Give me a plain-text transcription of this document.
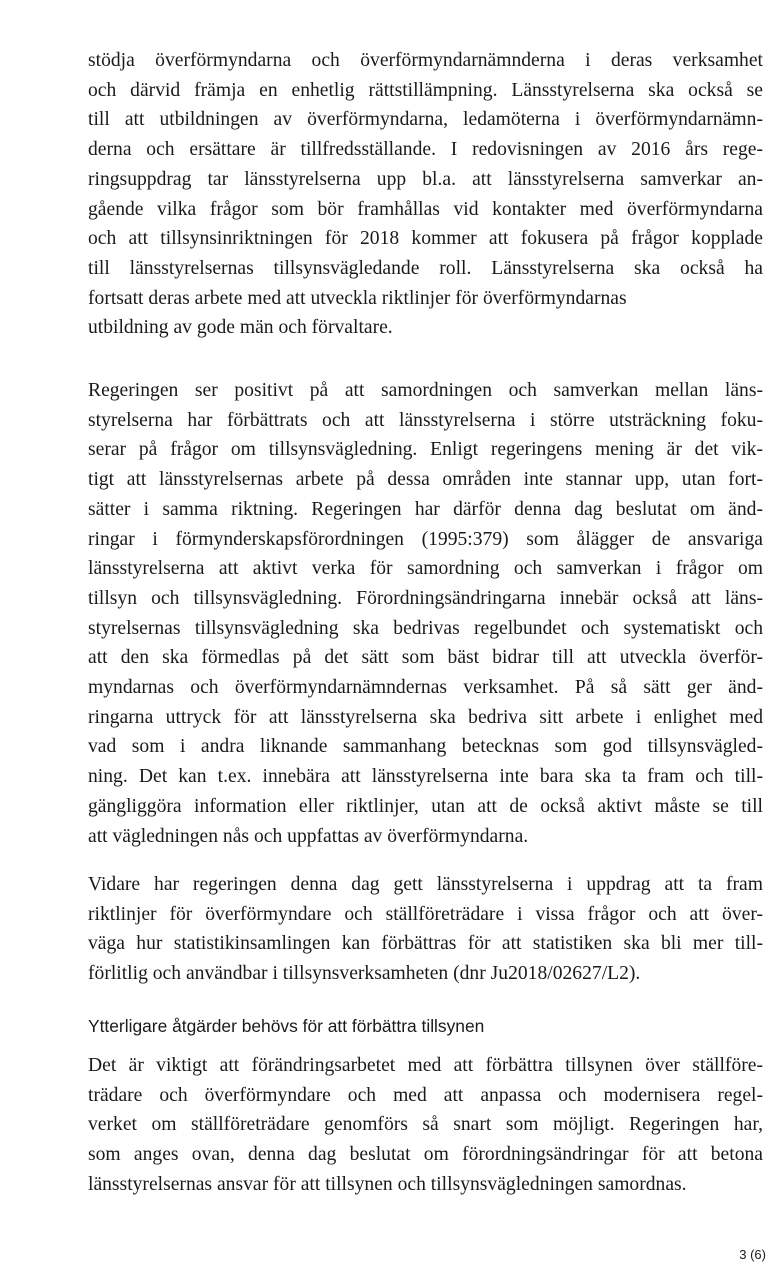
stödja överförmyndarna och överförmyndarnämnderna i deras verksamhet
och därvid främja en enhetlig rättstillämpning. Länsstyrelserna ska också se
till att utbildningen av överförmyndarna, ledamöterna i överförmyndarnämn-
derna och ersättare är tillfredsställande. I redovisningen av 2016 års rege-
ringsuppdrag tar länsstyrelserna upp bl.a. att länsstyrelserna samverkar an-
gående vilka frågor som bör framhållas vid kontakter med överförmyndarna
och att tillsynsinriktningen för 2018 kommer att fokusera på frågor kopplade
till länsstyrelsernas tillsynsvägledande roll. Länsstyrelserna ska också ha
fortsatt deras arbete med att utveckla riktlinjer för överförmyndarnas
utbildning av gode män och förvaltare.

Regeringen ser positivt på att samordningen och samverkan mellan läns-
styrelserna har förbättrats och att länsstyrelserna i större utsträckning foku-
serar på frågor om tillsynsvägledning. Enligt regeringens mening är det vik-
tigt att länsstyrelsernas arbete på dessa områden inte stannar upp, utan fort-
sätter i samma riktning. Regeringen har därför denna dag beslutat om änd-
ringar i förmynderskapsförordningen (1995:379) som ålägger de ansvariga
länsstyrelserna att aktivt verka för samordning och samverkan i frågor om
tillsyn och tillsynsvägledning. Förordningsändringarna innebär också att läns-
styrelsernas tillsynsvägledning ska bedrivas regelbundet och systematiskt och
att den ska förmedlas på det sätt som bäst bidrar till att utveckla överför-
myndarnas och överförmyndarnämndernas verksamhet. På så sätt ger änd-
ringarna uttryck för att länsstyrelserna ska bedriva sitt arbete i enlighet med
vad som i andra liknande sammanhang betecknas som god tillsynsvägled-
ning. Det kan t.ex. innebära att länsstyrelserna inte bara ska ta fram och till-
gängliggöra information eller riktlinjer, utan att de också aktivt måste se till
att vägledningen nås och uppfattas av överförmyndarna.

Vidare har regeringen denna dag gett länsstyrelserna i uppdrag att ta fram
riktlinjer för överförmyndare och ställföreträdare i vissa frågor och att över-
väga hur statistikinsamlingen kan förbättras för att statistiken ska bli mer till-
förlitlig och användbar i tillsynsverksamheten (dnr Ju2018/02627/L2).

Ytterligare åtgärder behövs för att förbättra tillsynen

Det är viktigt att förändringsarbetet med att förbättra tillsynen över ställföre-
trädare och överförmyndare och med att anpassa och modernisera regel-
verket om ställföreträdare genomförs så snart som möjligt. Regeringen har,
som anges ovan, denna dag beslutat om förordningsändringar för att betona
länsstyrelsernas ansvar för att tillsynen och tillsynsvägledningen samordnas.

3 (6)
